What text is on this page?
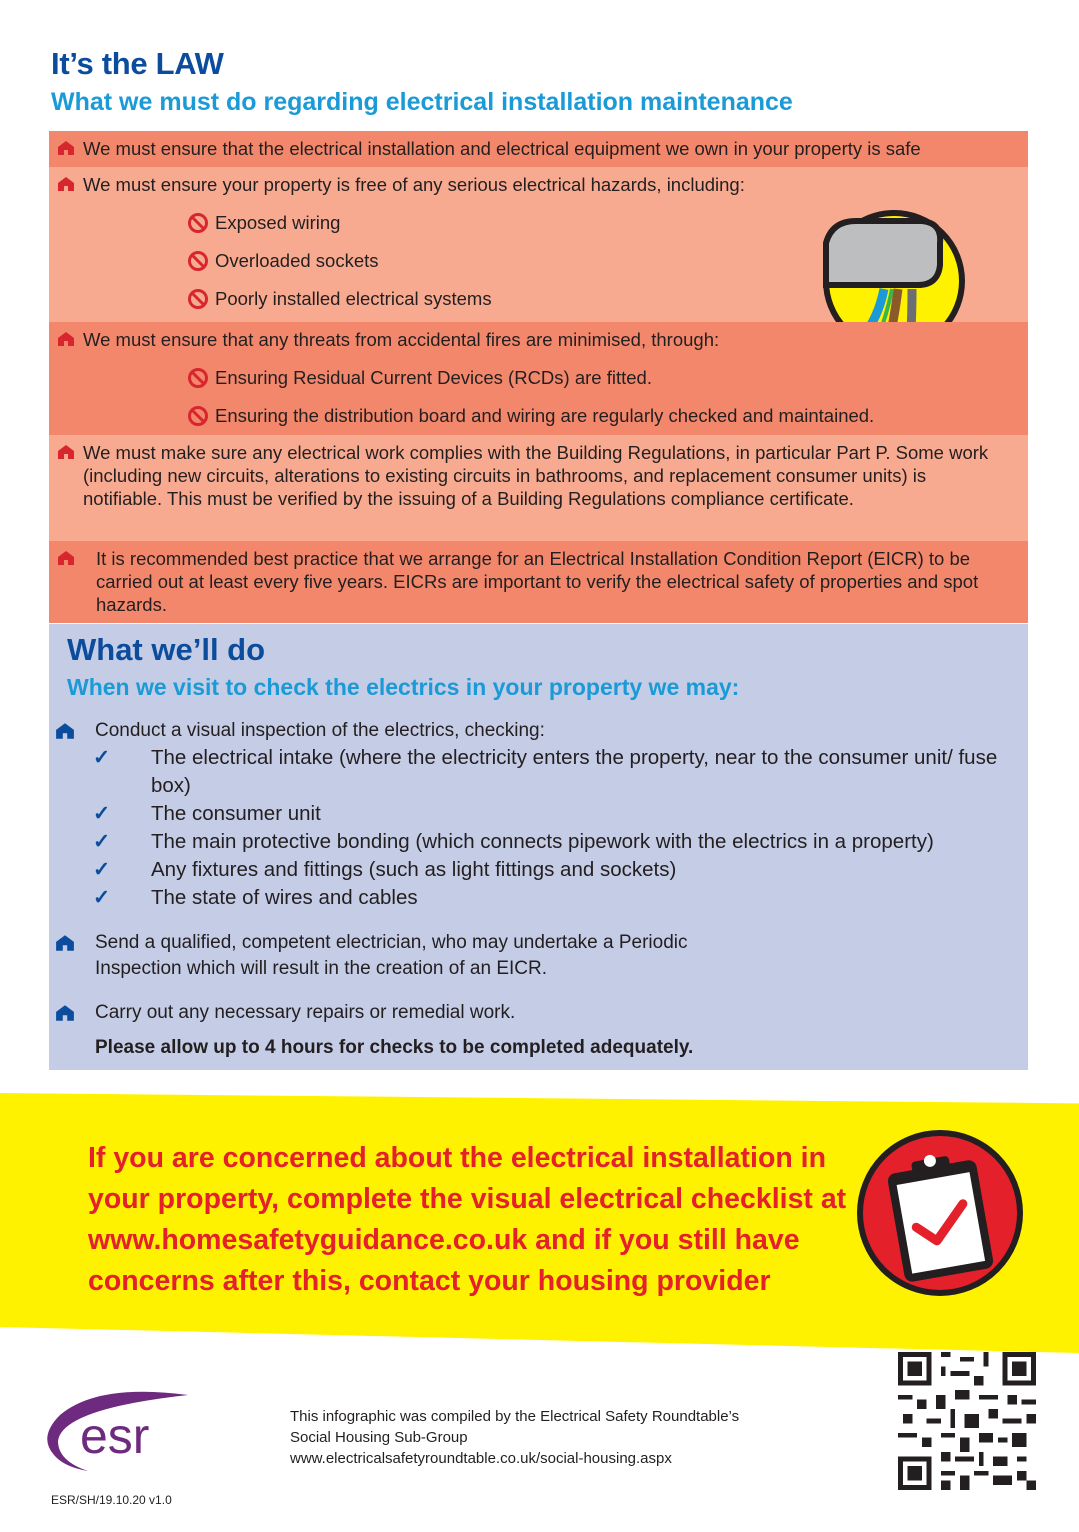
It’s the LAW
What we must do regarding electrical installation maintenance
We must ensure that the electrical installation and electrical equipment we own in your property is safe
We must ensure your property is free of any serious electrical hazards, including:
Exposed wiring
Overloaded sockets
Poorly installed electrical systems
We must ensure that any threats from accidental fires are minimised, through:
Ensuring Residual Current Devices (RCDs) are fitted.
Ensuring the distribution board and wiring are regularly checked and maintained.
We must make sure any electrical work complies with the Building Regulations, in particular Part P. Some work (including new circuits, alterations to existing circuits in bathrooms, and replacement consumer units) is notifiable. This must be verified by the issuing of a Building Regulations compliance certificate.
It is recommended best practice that we arrange for an Electrical Installation Condition Report (EICR) to be carried out at least every five years. EICRs are important to verify the electrical safety of properties and spot hazards.
What we’ll do
When we visit to check the electrics in your property we may:
Conduct a visual inspection of the electrics, checking:
✓	The electrical intake (where the electricity enters the property, near to the consumer unit/ fuse box)
✓	The consumer unit
✓	The main protective bonding (which connects pipework with the electrics in a property)
✓	Any fixtures and fittings (such as light fittings and sockets)
✓	The state of wires and cables
Send a qualified, competent electrician, who may undertake a Periodic Inspection which will result in the creation of an EICR.
Carry out any necessary repairs or remedial work.
Please allow up to 4 hours for checks to be completed adequately.
If you are concerned about the electrical installation in your property, complete the visual electrical checklist at www.homesafetyguidance.co.uk and if you still have concerns after this, contact your housing provider
esr	This infographic was compiled by the Electrical Safety Roundtable’s
Social Housing Sub-Group
www.electricalsafetyroundtable.co.uk/social-housing.aspx
ESR/SH/19.10.20 v1.0
